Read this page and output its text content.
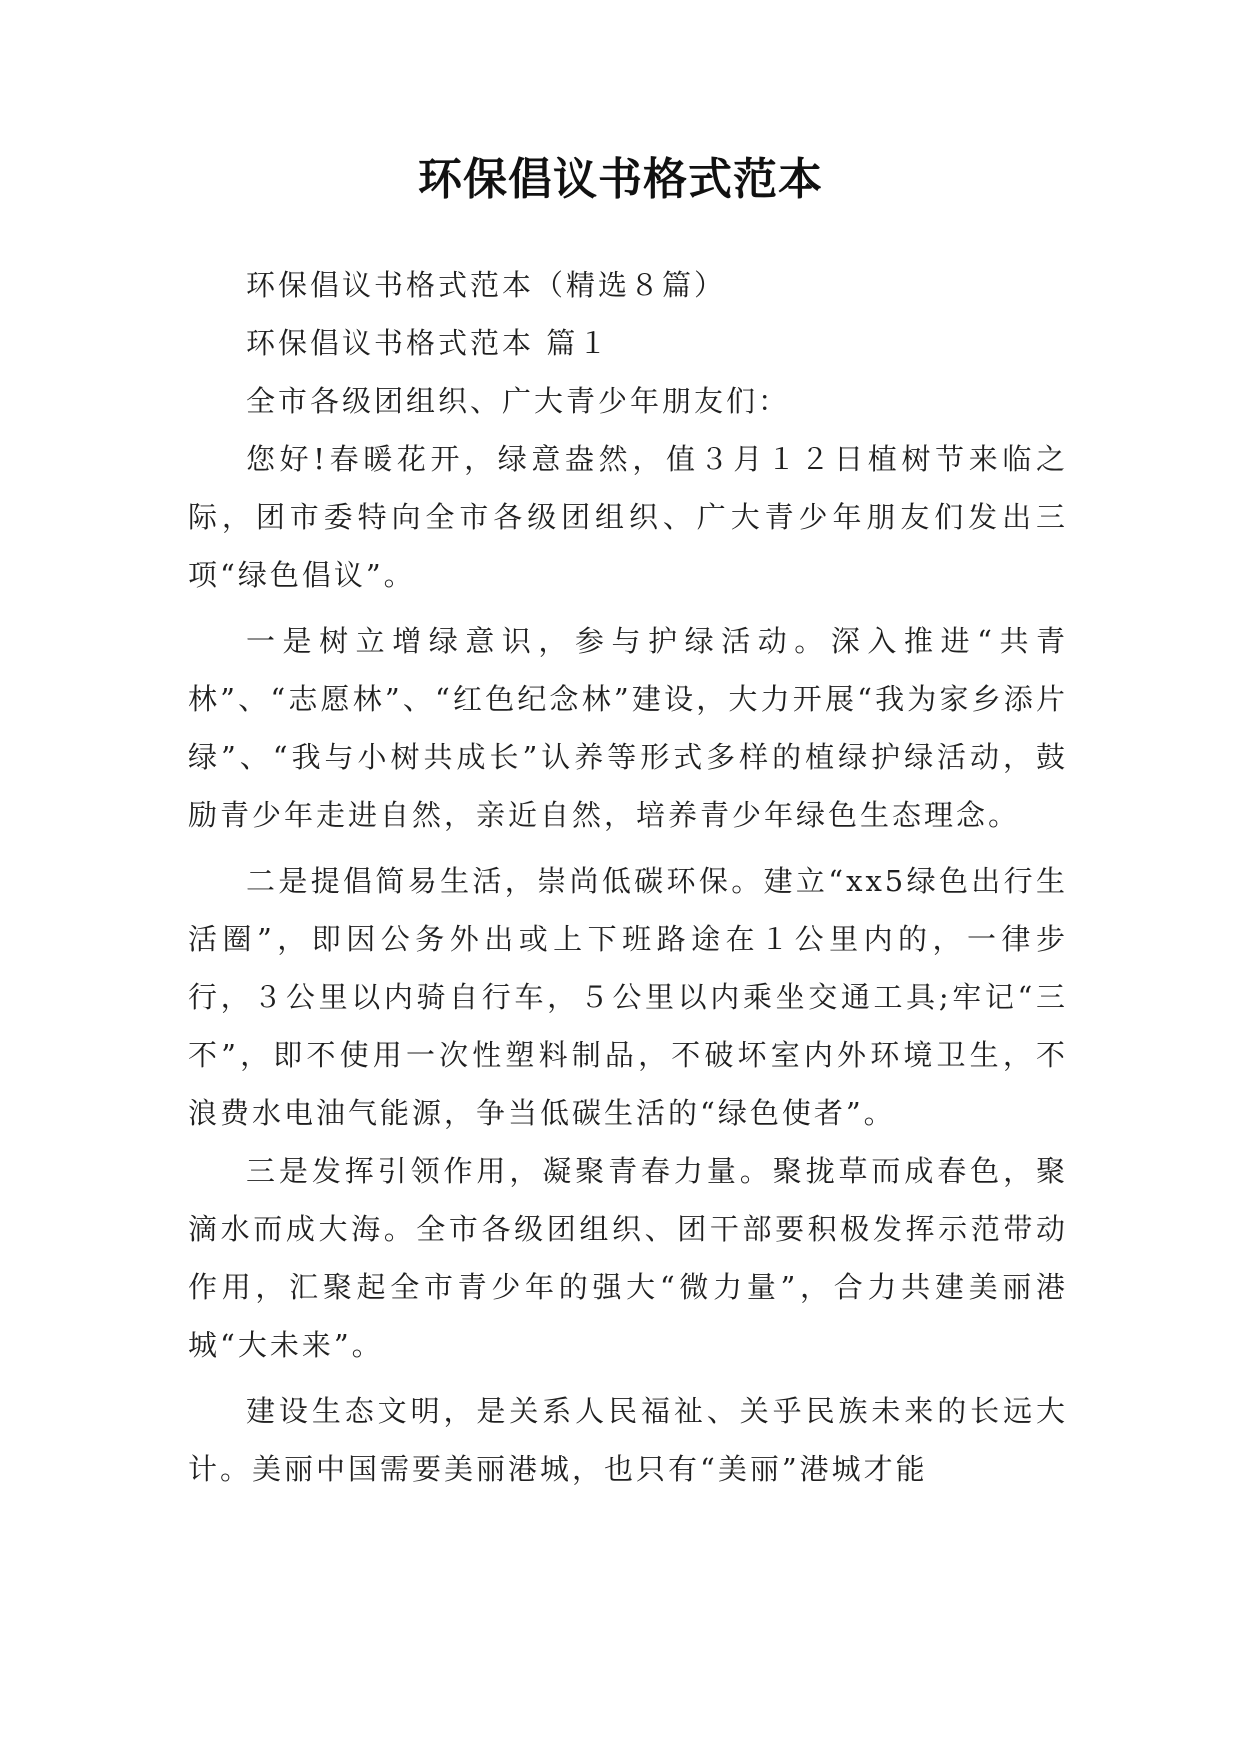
环保倡议书格式范本

环保倡议书格式范本（精选８篇）

环保倡议书格式范本 篇１

全市各级团组织、广大青少年朋友们：

您好!春暖花开，绿意盎然，值３月１２日植树节来临之际，团市委特向全市各级团组织、广大青少年朋友们发出三项“绿色倡议”。

一是树立增绿意识，参与护绿活动。深入推进“共青林”、“志愿林”、“红色纪念林”建设，大力开展“我为家乡添片绿”、“我与小树共成长”认养等形式多样的植绿护绿活动，鼓励青少年走进自然，亲近自然，培养青少年绿色生态理念。

二是提倡简易生活，崇尚低碳环保。建立“xx5绿色出行生活圈”，即因公务外出或上下班路途在１公里内的，一律步行，３公里以内骑自行车，５公里以内乘坐交通工具;牢记“三不”，即不使用一次性塑料制品，不破坏室内外环境卫生，不浪费水电油气能源，争当低碳生活的“绿色使者”。

三是发挥引领作用，凝聚青春力量。聚拢草而成春色，聚滴水而成大海。全市各级团组织、团干部要积极发挥示范带动作用，汇聚起全市青少年的强大“微力量”，合力共建美丽港城“大未来”。

建设生态文明，是关系人民福祉、关乎民族未来的长远大计。美丽中国需要美丽港城，也只有“美丽”港城才能
